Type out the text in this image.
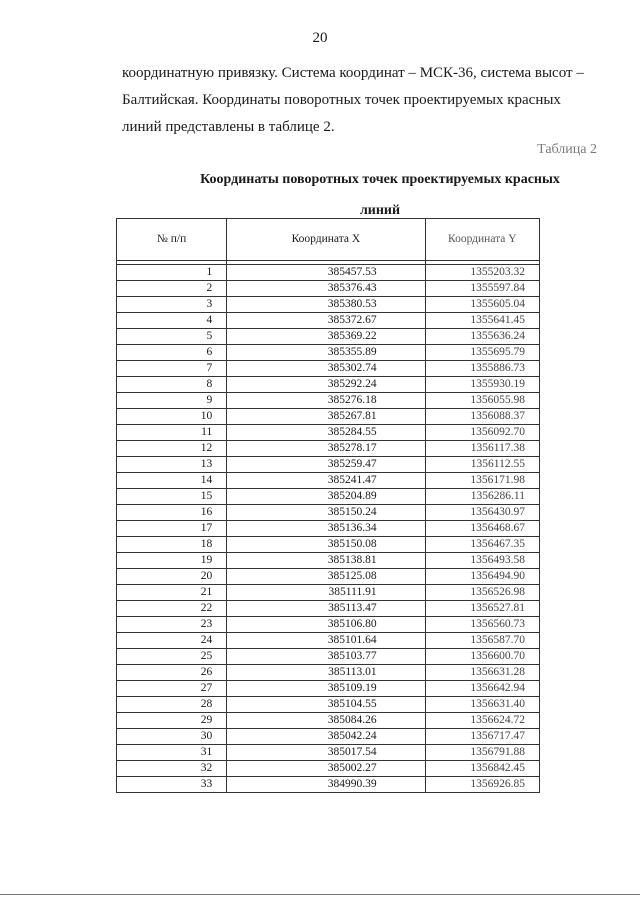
20

координатную привязку. Система координат – МСК-36, система высот –

Балтийская. Координаты поворотных точек проектируемых красных

линий представлены в таблице 2.

Таблица 2
Координаты поворотных точек проектируемых красных
линий
№ п/п	Координата X	Координата Y

1	385457.53	1355203.32
2	385376.43	1355597.84
3	385380.53	1355605.04
4	385372.67	1355641.45
5	385369.22	1355636.24
6	385355.89	1355695.79
7	385302.74	1355886.73
8	385292.24	1355930.19
9	385276.18	1356055.98
10	385267.81	1356088.37
11	385284.55	1356092.70
12	385278.17	1356117.38
13	385259.47	1356112.55
14	385241.47	1356171.98
15	385204.89	1356286.11
16	385150.24	1356430.97
17	385136.34	1356468.67
18	385150.08	1356467.35
19	385138.81	1356493.58
20	385125.08	1356494.90
21	385111.91	1356526.98
22	385113.47	1356527.81
23	385106.80	1356560.73
24	385101.64	1356587.70
25	385103.77	1356600.70
26	385113.01	1356631.28
27	385109.19	1356642.94
28	385104.55	1356631.40
29	385084.26	1356624.72
30	385042.24	1356717.47
31	385017.54	1356791.88
32	385002.27	1356842.45
33	384990.39	1356926.85
